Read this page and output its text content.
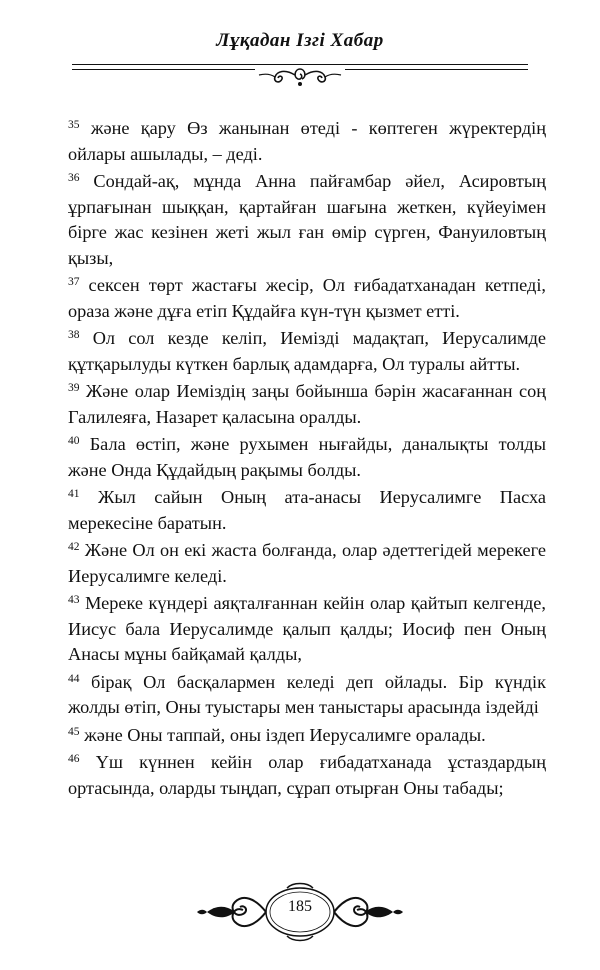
Лұқадан Ізгі Хабар

$^{35}$ және қару Өз жанынан өтеді - көптеген жүректердің ойлары ашылады, – деді.

$^{36}$ Сондай-ақ, мұнда Анна пайғамбар әйел, Асировтың ұрпағынан шыққан, қартайған шағына жеткен, күйеуімен бірге жас кезінен жеті жыл ған өмір сүрген, Фануиловтың қызы,

$^{37}$ сексен төрт жастағы жесір, Ол ғибадатханадан кетпеді, ораза және дұға етіп Құдайға күн-түн қызмет етті.

$^{38}$ Ол сол кезде келіп, Иемізді мадақтап, Иерусалимде құтқарылуды күткен барлық адамдарға, Ол туралы айтты.

$^{39}$ Және олар Иеміздің заңы бойынша бәрін жасағаннан соң Галилеяға, Назарет қаласына оралды.

$^{40}$ Бала өстіп, және рухымен нығайды, даналықты толды және Онда Құдайдың рақымы болды.

$^{41}$ Жыл сайын Оның ата-анасы Иерусалимге Пасха мерекесіне баратын.

$^{42}$ Және Ол он екі жаста болғанда, олар әдеттегідей мерекеге Иерусалимге келеді.

$^{43}$ Мереке күндері аяқталғаннан кейін олар қайтып келгенде, Иисус бала Иерусалимде қалып қалды; Иосиф пен Оның Анасы мұны байқамай қалды,

$^{44}$ бірақ Ол басқалармен келеді деп ойлады. Бір күндік жолды өтіп, Оны туыстары мен таныстары арасында іздейді

$^{45}$ және Оны таппай, оны іздеп Иерусалимге оралады.

$^{46}$ Үш күннен кейін олар ғибадатханада ұстаздардың ортасында, оларды тыңдап, сұрап отырған Оны табады;

185
